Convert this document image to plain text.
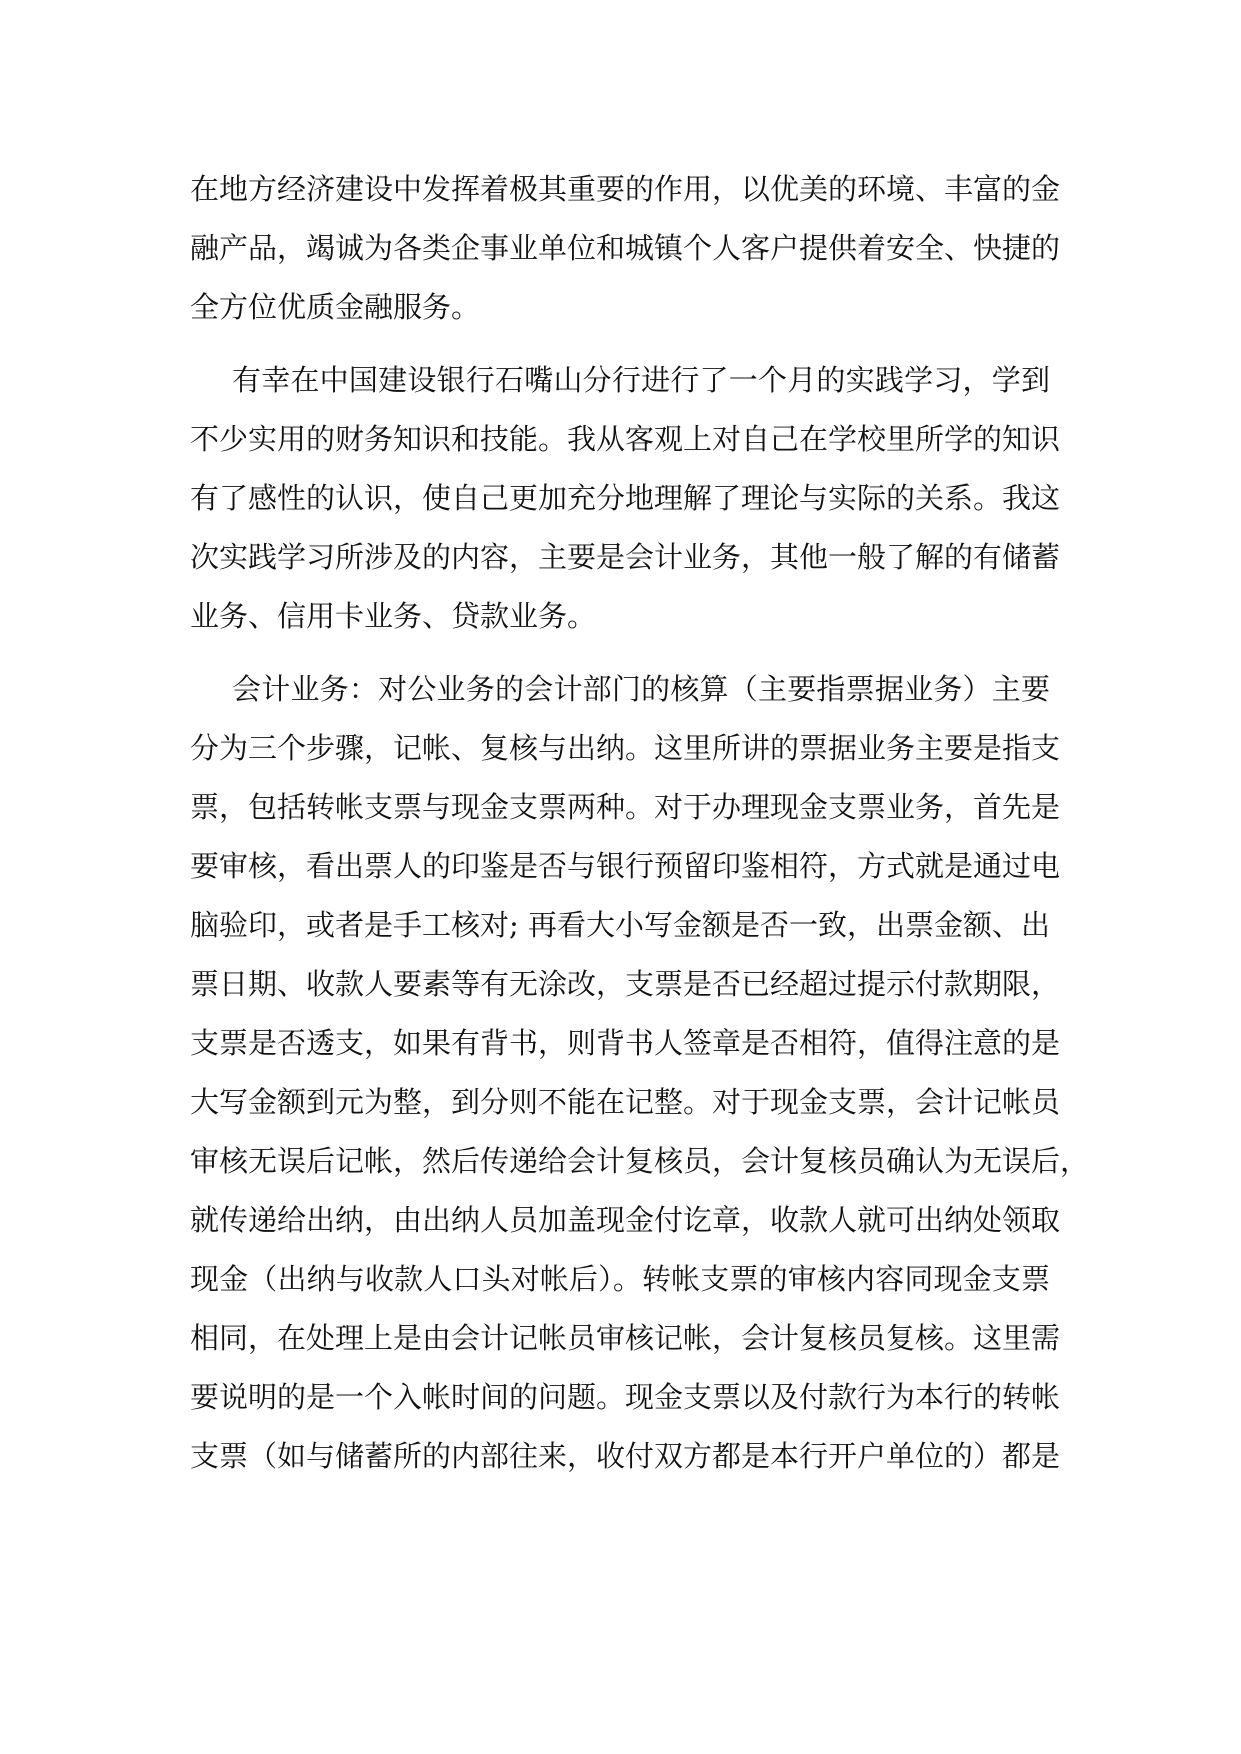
在地方经济建设中发挥着极其重要的作用，以优美的环境、丰富的金
融产品，竭诚为各类企事业单位和城镇个人客户提供着安全、快捷的
全方位优质金融服务。
有幸在中国建设银行石嘴山分行进行了一个月的实践学习，学到
不少实用的财务知识和技能。我从客观上对自己在学校里所学的知识
有了感性的认识，使自己更加充分地理解了理论与实际的关系。我这
次实践学习所涉及的内容，主要是会计业务，其他一般了解的有储蓄
业务、信用卡业务、贷款业务。
会计业务：对公业务的会计部门的核算（主要指票据业务）主要
分为三个步骤，记帐、复核与出纳。这里所讲的票据业务主要是指支
票，包括转帐支票与现金支票两种。对于办理现金支票业务，首先是
要审核，看出票人的印鉴是否与银行预留印鉴相符，方式就是通过电
脑验印，或者是手工核对; 再看大小写金额是否一致，出票金额、出
票日期、收款人要素等有无涂改，支票是否已经超过提示付款期限，
支票是否透支，如果有背书，则背书人签章是否相符，值得注意的是
大写金额到元为整，到分则不能在记整。对于现金支票，会计记帐员
审核无误后记帐，然后传递给会计复核员，会计复核员确认为无误后，
就传递给出纳，由出纳人员加盖现金付讫章，收款人就可出纳处领取
现金（出纳与收款人口头对帐后）。转帐支票的审核内容同现金支票
相同，在处理上是由会计记帐员审核记帐，会计复核员复核。这里需
要说明的是一个入帐时间的问题。现金支票以及付款行为本行的转帐
支票（如与储蓄所的内部往来，收付双方都是本行开户单位的）都是
